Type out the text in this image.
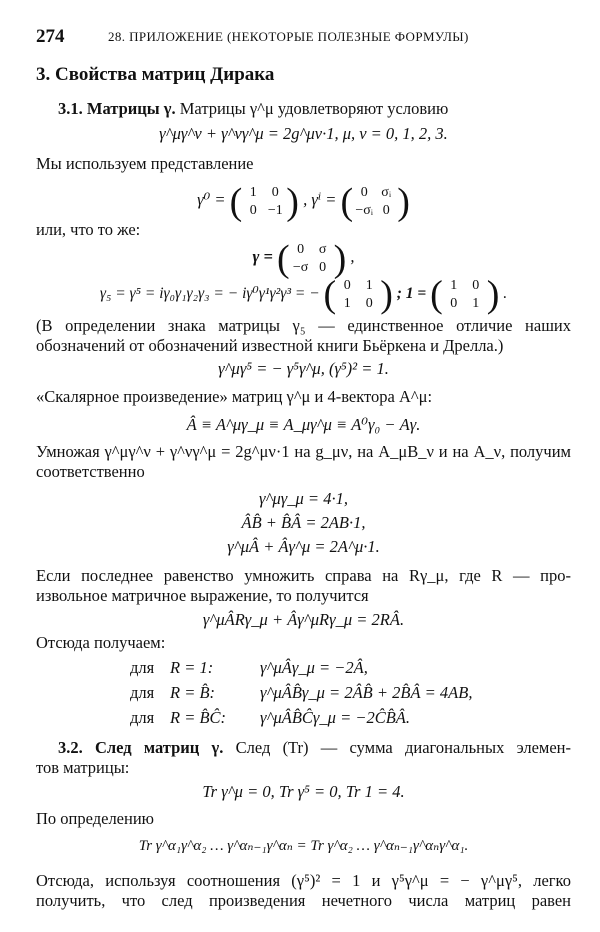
274	28. ПРИЛОЖЕНИЕ (НЕКОТОРЫЕ ПОЛЕЗНЫЕ ФОРМУЛЫ)
3. Свойства матриц Дирака
3.1. Матрицы γ. Матрицы γ^μ удовлетворяют условию
γ^μγ^ν + γ^νγ^μ = 2g^μν·1, μ, ν = 0, 1, 2, 3.
Мы используем представление
γ⁰ = ( 1 0
0 −1 ) , γⁱ = ( 0 σᵢ
−σᵢ 0 )
или, что то же:
γ = ( 0 σ
−σ 0 ) ,
γ₅ = γ⁵ = iγ₀γ₁γ₂γ₃ = − iγ⁰γ¹γ²γ³ = − ( 0 1
1 0 ) ; 1 = ( 1 0
0 1 ) .
(В определении знака матрицы γ₅ — единственное отличие наших
обозначений от обозначений известной книги Бьёркена и Дрелла.)
γ^μγ⁵ = − γ⁵γ^μ, (γ⁵)² = 1.
«Скалярное произведение» матриц γ^μ и 4-вектора A^μ:
Â ≡ A^μγ_μ ≡ A_μγ^μ ≡ A⁰γ₀ − Aγ.
Умножая γ^μγ^ν + γ^νγ^μ = 2g^μν·1 на g_μν, на A_μB_ν и на A_ν, получим
соответственно
γ^μγ_μ = 4·1,
ÂB̂ + B̂Â = 2AB·1,
γ^μÂ + Âγ^μ = 2A^μ·1.
Если последнее равенство умножить справа на Rγ_μ, где R — про-
извольное матричное выражение, то получится
γ^μÂRγ_μ + Âγ^μRγ_μ = 2RÂ.
Отсюда получаем:
для R = 1:	γ^μÂγ_μ = −2Â,
для R = B̂:	γ^μÂB̂γ_μ = 2ÂB̂ + 2B̂Â = 4AB,
для R = B̂Ĉ: γ^μÂB̂Ĉγ_μ = −2ĈB̂Â.
3.2. След матриц γ. След (Tr) — сумма диагональных элемен-
тов матрицы:
Tr γ^μ = 0, Tr γ⁵ = 0, Tr 1 = 4.
По определению
Tr γ^α₁γ^α₂ … γ^αₙ₋₁γ^αₙ = Tr γ^α₂ … γ^αₙ₋₁γ^αₙγ^α₁.
Отсюда, используя соотношения (γ⁵)² = 1 и γ⁵γ^μ = − γ^μγ⁵, легко
получить, что след произведения нечетного числа матриц равен
